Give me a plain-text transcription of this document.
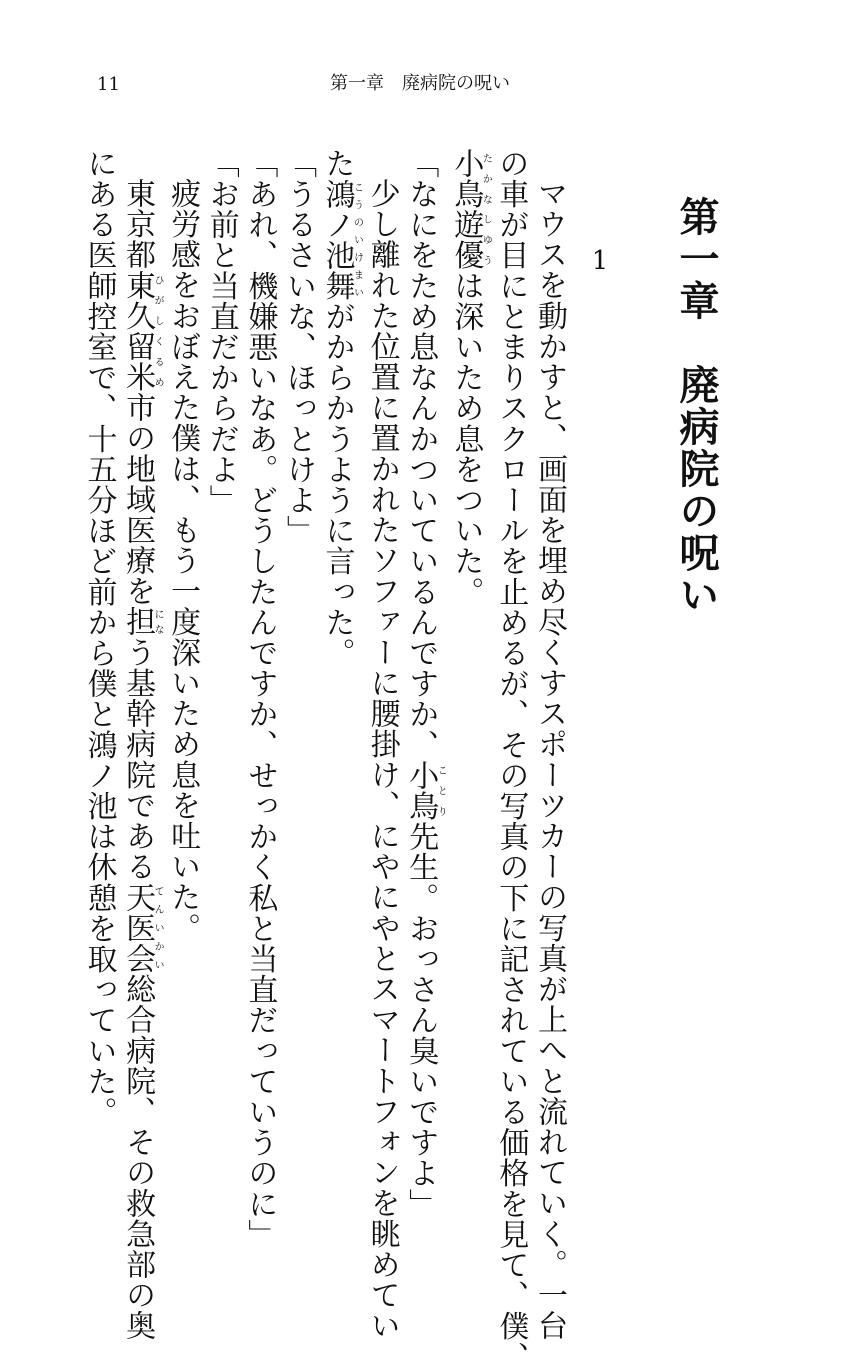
11	第一章　廃病院の呪い
第一章　廃病院の呪い
1

マウスを動かすと、画面を埋め尽くすスポーツカーの写真が上へと流れていく。一台

の車が目にとまりスクロールを止めるが、その写真の下に記されている価格を見て、僕、

小鳥遊優たかなしゆうは深いため息をついた。

「なにをため息なんかついているんですか、小鳥ことり先生。おっさん臭いですよ」

少し離れた位置に置かれたソファーに腰掛け、にやにやとスマートフォンを眺めてい

た鴻ノ池舞こうのいけまいがからかうように言った。

「うるさいな、ほっとけよ」

「あれ、機嫌悪いなあ。どうしたんですか、せっかく私と当直だっていうのに」

「お前と当直だからだよ」

疲労感をおぼえた僕は、もう一度深いため息を吐いた。

東京都東久留米ひがしくるめ市の地域医療を担になう基幹病院である天医会てんいかい総合病院、その救急部の奥

にある医師控室で、十五分ほど前から僕と鴻ノ池は休憩を取っていた。
